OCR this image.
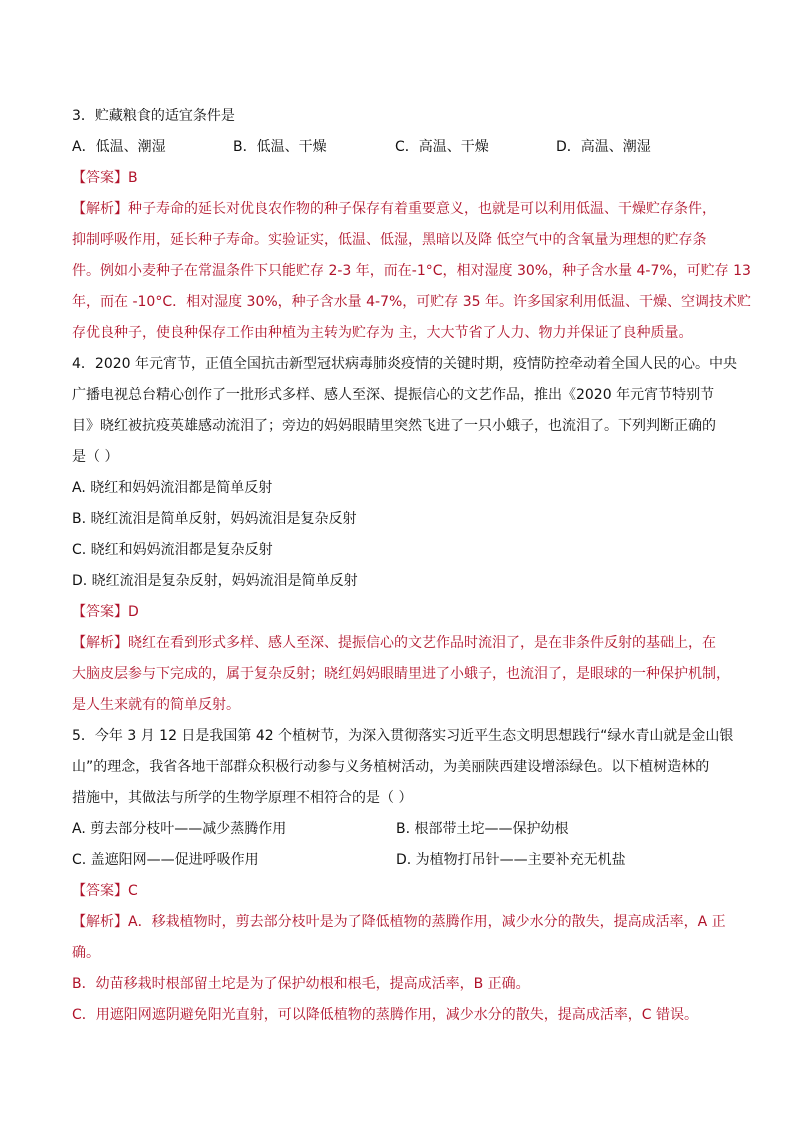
3．贮藏粮食的适宜条件是
A．低温、潮湿	B．低温、干燥	C．高温、干燥	D．高温、潮湿
【答案】B
【解析】种子寿命的延长对优良农作物的种子保存有着重要意义，也就是可以利用低温、干燥贮存条件，
抑制呼吸作用，延长种子寿命。实验证实，低温、低湿，黑暗以及降 低空气中的含氧量为理想的贮存条
件。例如小麦种子在常温条件下只能贮存 2-3 年，而在-1°C，相对湿度 30%，种子含水量 4-7%，可贮存 13
年，而在 -10°C．相对湿度 30%，种子含水量 4-7%，可贮存 35 年。许多国家利用低温、干燥、空调技术贮
存优良种子，使良种保存工作由种植为主转为贮存为 主，大大节省了人力、物力并保证了良种质量。
4．2020 年元宵节，正值全国抗击新型冠状病毒肺炎疫情的关键时期，疫情防控牵动着全国人民的心。中央
广播电视总台精心创作了一批形式多样、感人至深、提振信心的文艺作品，推出《2020 年元宵节特别节
目》晓红被抗疫英雄感动流泪了；旁边的妈妈眼睛里突然飞进了一只小蛾子，也流泪了。下列判断正确的
是（ ）
A. 晓红和妈妈流泪都是简单反射
B. 晓红流泪是简单反射，妈妈流泪是复杂反射
C. 晓红和妈妈流泪都是复杂反射
D. 晓红流泪是复杂反射，妈妈流泪是简单反射
【答案】D
【解析】晓红在看到形式多样、感人至深、提振信心的文艺作品时流泪了，是在非条件反射的基础上，在
大脑皮层参与下完成的，属于复杂反射；晓红妈妈眼睛里进了小蛾子，也流泪了，是眼球的一种保护机制，
是人生来就有的简单反射。
5．今年 3 月 12 日是我国第 42 个植树节，为深入贯彻落实习近平生态文明思想践行“绿水青山就是金山银
山”的理念，我省各地干部群众积极行动参与义务植树活动，为美丽陕西建设增添绿色。以下植树造林的
措施中，其做法与所学的生物学原理不相符合的是（ ）
A. 剪去部分枝叶——减少蒸腾作用	B. 根部带土坨——保护幼根
C. 盖遮阳网——促进呼吸作用	D. 为植物打吊针——主要补充无机盐
【答案】C
【解析】A．移栽植物时，剪去部分枝叶是为了降低植物的蒸腾作用，减少水分的散失，提高成活率，A 正
确。
B．幼苗移栽时根部留土坨是为了保护幼根和根毛，提高成活率，B 正确。
C．用遮阳网遮阴避免阳光直射，可以降低植物的蒸腾作用，减少水分的散失，提高成活率，C 错误。
